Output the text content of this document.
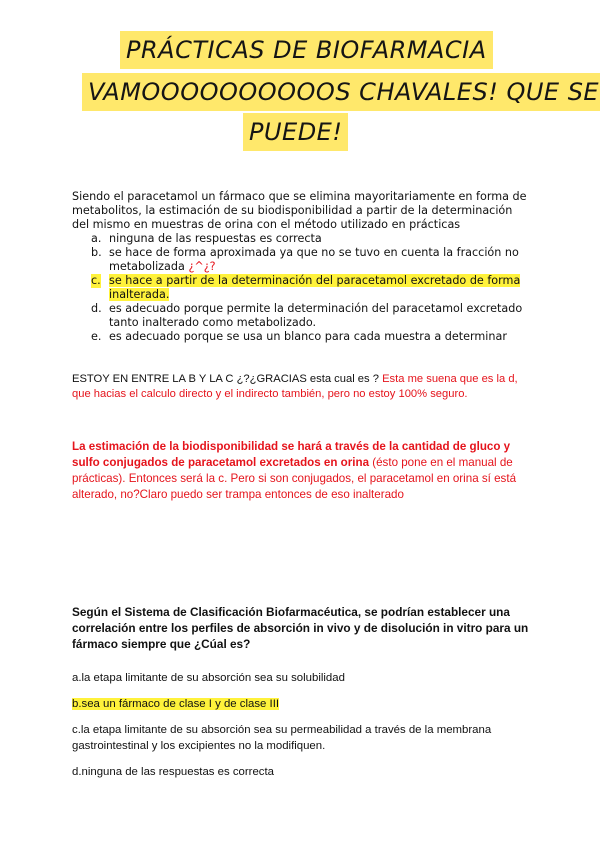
PRÁCTICAS DE BIOFARMACIA
VAMOOOOOOOOOOS CHAVALES! QUE SE
PUEDE!

Siendo el paracetamol un fármaco que se elimina mayoritariamente en forma de metabolitos, la estimación de su biodisponibilidad a partir de la determinación del mismo en muestras de orina con el método utilizado en prácticas

a. ninguna de las respuestas es correcta

b. se hace de forma aproximada ya que no se tuvo en cuenta la fracción no metabolizada ¿^¿?

c. se hace a partir de la determinación del paracetamol excretado de forma inalterada.

d. es adecuado porque permite la determinación del paracetamol excretado tanto inalterado como metabolizado.

e. es adecuado porque se usa un blanco para cada muestra a determinar

ESTOY EN ENTRE LA B Y LA C ¿?¿GRACIAS esta cual es ? Esta me suena que es la d, que hacias el calculo directo y el indirecto también, pero no estoy 100% seguro.

La estimación de la biodisponibilidad se hará a través de la cantidad de gluco y sulfo conjugados de paracetamol excretados en orina (ésto pone en el manual de prácticas). Entonces será la c. Pero si son conjugados, el paracetamol en orina sí está alterado, no?Claro puedo ser trampa entonces de eso inalterado

Según el Sistema de Clasificación Biofarmacéutica, se podrían establecer una correlación entre los perfiles de absorción in vivo y de disolución in vitro para un fármaco siempre que ¿Cúal es?

a.la etapa limitante de su absorción sea su solubilidad

b.sea un fármaco de clase I y de clase III

c.la etapa limitante de su absorción sea su permeabilidad a través de la membrana gastrointestinal y los excipientes no la modifiquen.

d.ninguna de las respuestas es correcta
